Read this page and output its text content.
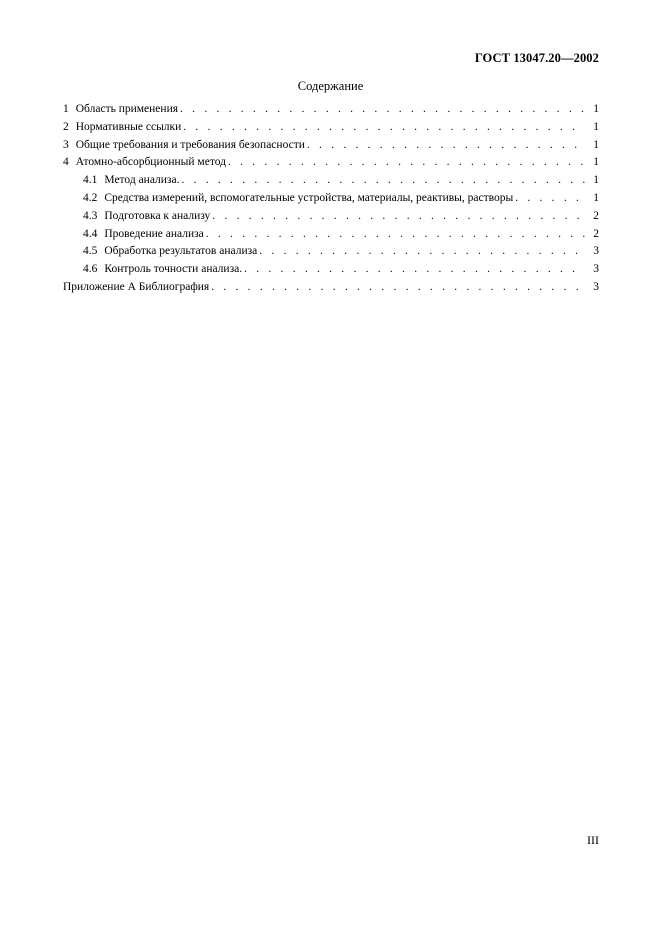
ГОСТ 13047.20—2002
Содержание
1 Область применения . . .	1
2 Нормативные ссылки . . .	1
3 Общие требования и требования безопасности . . .	1
4 Атомно-абсорбционный метод . . .	1
4.1 Метод анализа. . . .	1
4.2 Средства измерений, вспомогательные устройства, материалы, реактивы, растворы . . .	1
4.3 Подготовка к анализу . . .	2
4.4 Проведение анализа . . .	2
4.5 Обработка результатов анализа . . .	3
4.6 Контроль точности анализа. . . .	3
Приложение А Библиография . . .	3
III
